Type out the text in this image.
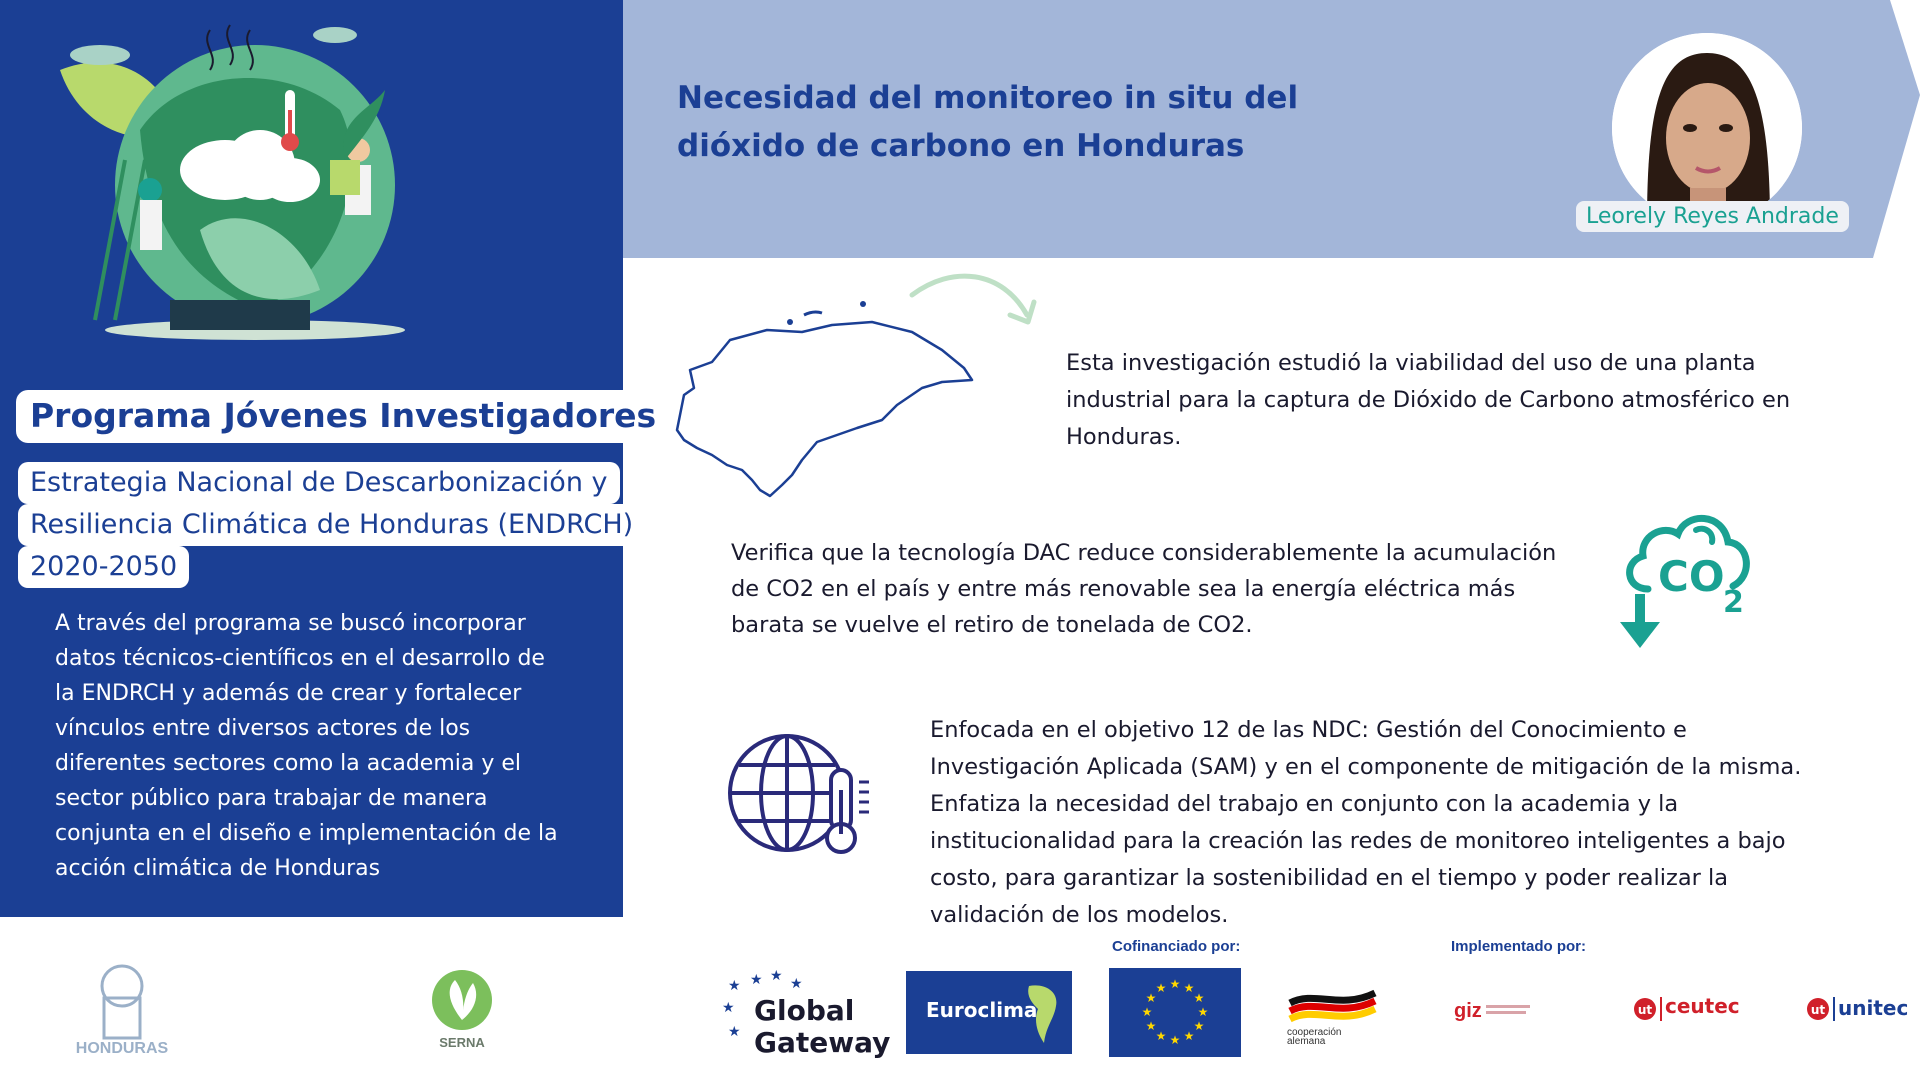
Programa Jóvenes Investigadores
Estrategia Nacional de Descarbonización y
Resiliencia Climática de Honduras (ENDRCH)
2020-2050
A través del programa se buscó incorporar datos técnicos-científicos en el desarrollo de la ENDRCH y además de crear y fortalecer vínculos entre diversos actores de los diferentes sectores como la academia y el sector público para trabajar de manera conjunta en el diseño e implementación de la acción climática de Honduras
Necesidad del monitoreo in situ del dióxido de carbono en Honduras
Leorely Reyes Andrade
Esta investigación estudió la viabilidad del uso de una planta industrial para la captura de Dióxido de Carbono atmosférico en Honduras.
Verifica que la tecnología DAC reduce considerablemente la acumulación de CO2 en el país y entre más renovable sea la energía eléctrica más barata se vuelve el retiro de tonelada de CO2.
CO
2
Enfocada en el objetivo 12 de las NDC: Gestión del Conocimiento e Investigación Aplicada (SAM) y en el componente de mitigación de la misma. Enfatiza la necesidad del trabajo en conjunto con la academia y la institucionalidad para la creación las redes de monitoreo inteligentes a bajo costo, para garantizar la sostenibilidad en el tiempo y poder realizar la validación de los modelos.
HONDURAS	SERNA
★
★
★
★ ★ ★
Global
Gateway
Euroclima
Cofinanciado por:
★ ★
★
★
★
★
★
★
★
★
★
★
cooperación
alemana
Implementado por:
giz	ut ceutec	ut unitec
